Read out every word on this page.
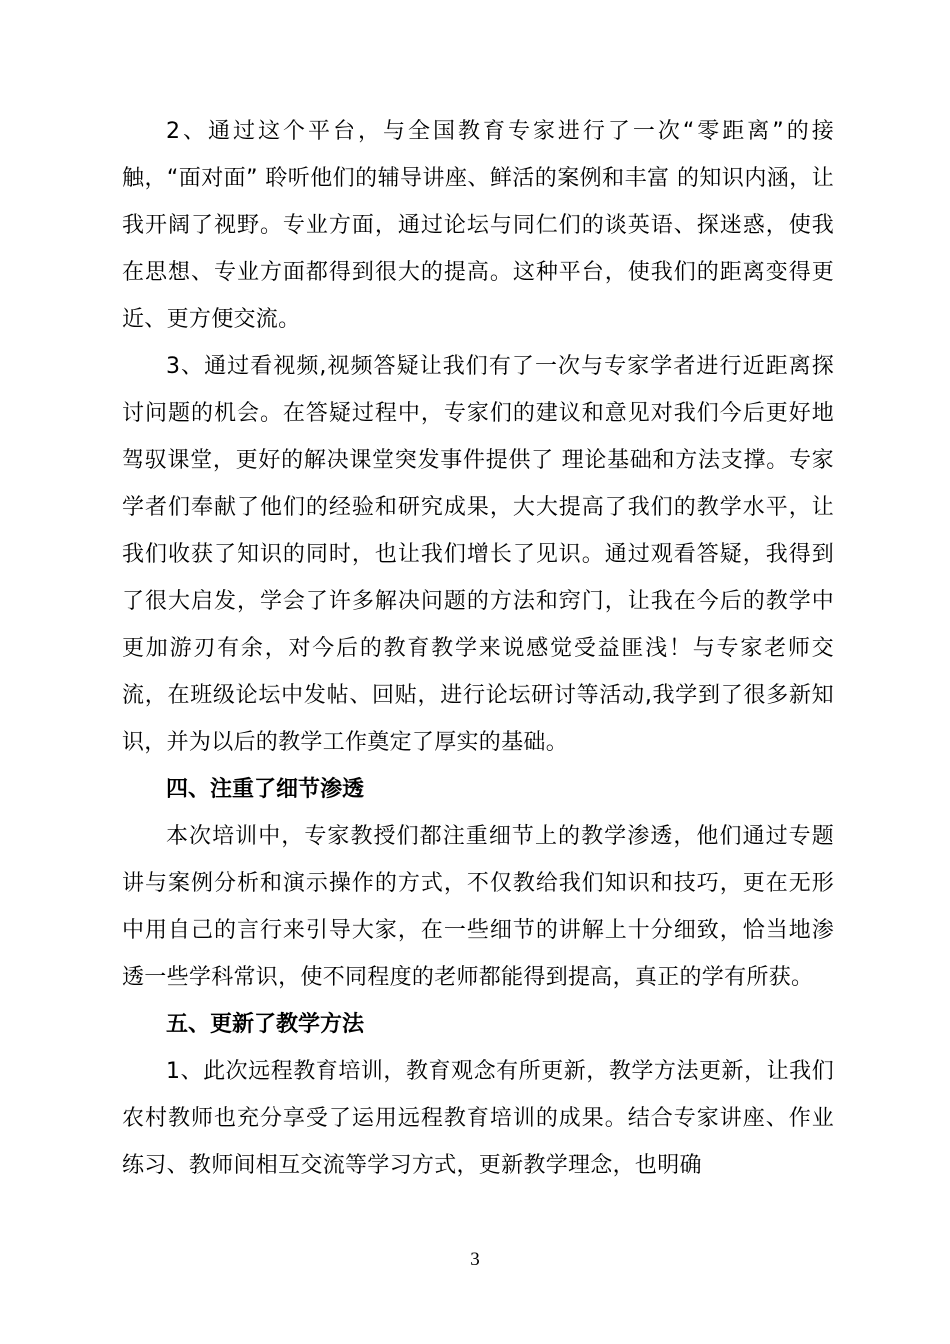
2、通过这个平台，与全国教育专家进行了一次“零距离”的接触，“面对面” 聆听他们的辅导讲座、鲜活的案例和丰富 的知识内涵，让我开阔了视野。专业方面，通过论坛与同仁们的谈英语、探迷惑，使我在思想、专业方面都得到很大的提高。这种平台，使我们的距离变得更近、更方便交流。

3、通过看视频,视频答疑让我们有了一次与专家学者进行近距离探讨问题的机会。在答疑过程中，专家们的建议和意见对我们今后更好地驾驭课堂，更好的解决课堂突发事件提供了 理论基础和方法支撑。专家学者们奉献了他们的经验和研究成果，大大提高了我们的教学水平，让我们收获了知识的同时，也让我们增长了见识。通过观看答疑，我得到了很大启发，学会了许多解决问题的方法和窍门，让我在今后的教学中更加游刃有余，对今后的教育教学来说感觉受益匪浅！与专家老师交流，在班级论坛中发帖、回贴，进行论坛研讨等活动,我学到了很多新知识，并为以后的教学工作奠定了厚实的基础。

四、注重了细节渗透

本次培训中，专家教授们都注重细节上的教学渗透，他们通过专题讲与案例分析和演示操作的方式，不仅教给我们知识和技巧，更在无形中用自己的言行来引导大家，在一些细节的讲解上十分细致，恰当地渗透一些学科常识，使不同程度的老师都能得到提高，真正的学有所获。

五、更新了教学方法

1、此次远程教育培训，教育观念有所更新，教学方法更新，让我们农村教师也充分享受了运用远程教育培训的成果。结合专家讲座、作业练习、教师间相互交流等学习方式，更新教学理念，也明确

3
